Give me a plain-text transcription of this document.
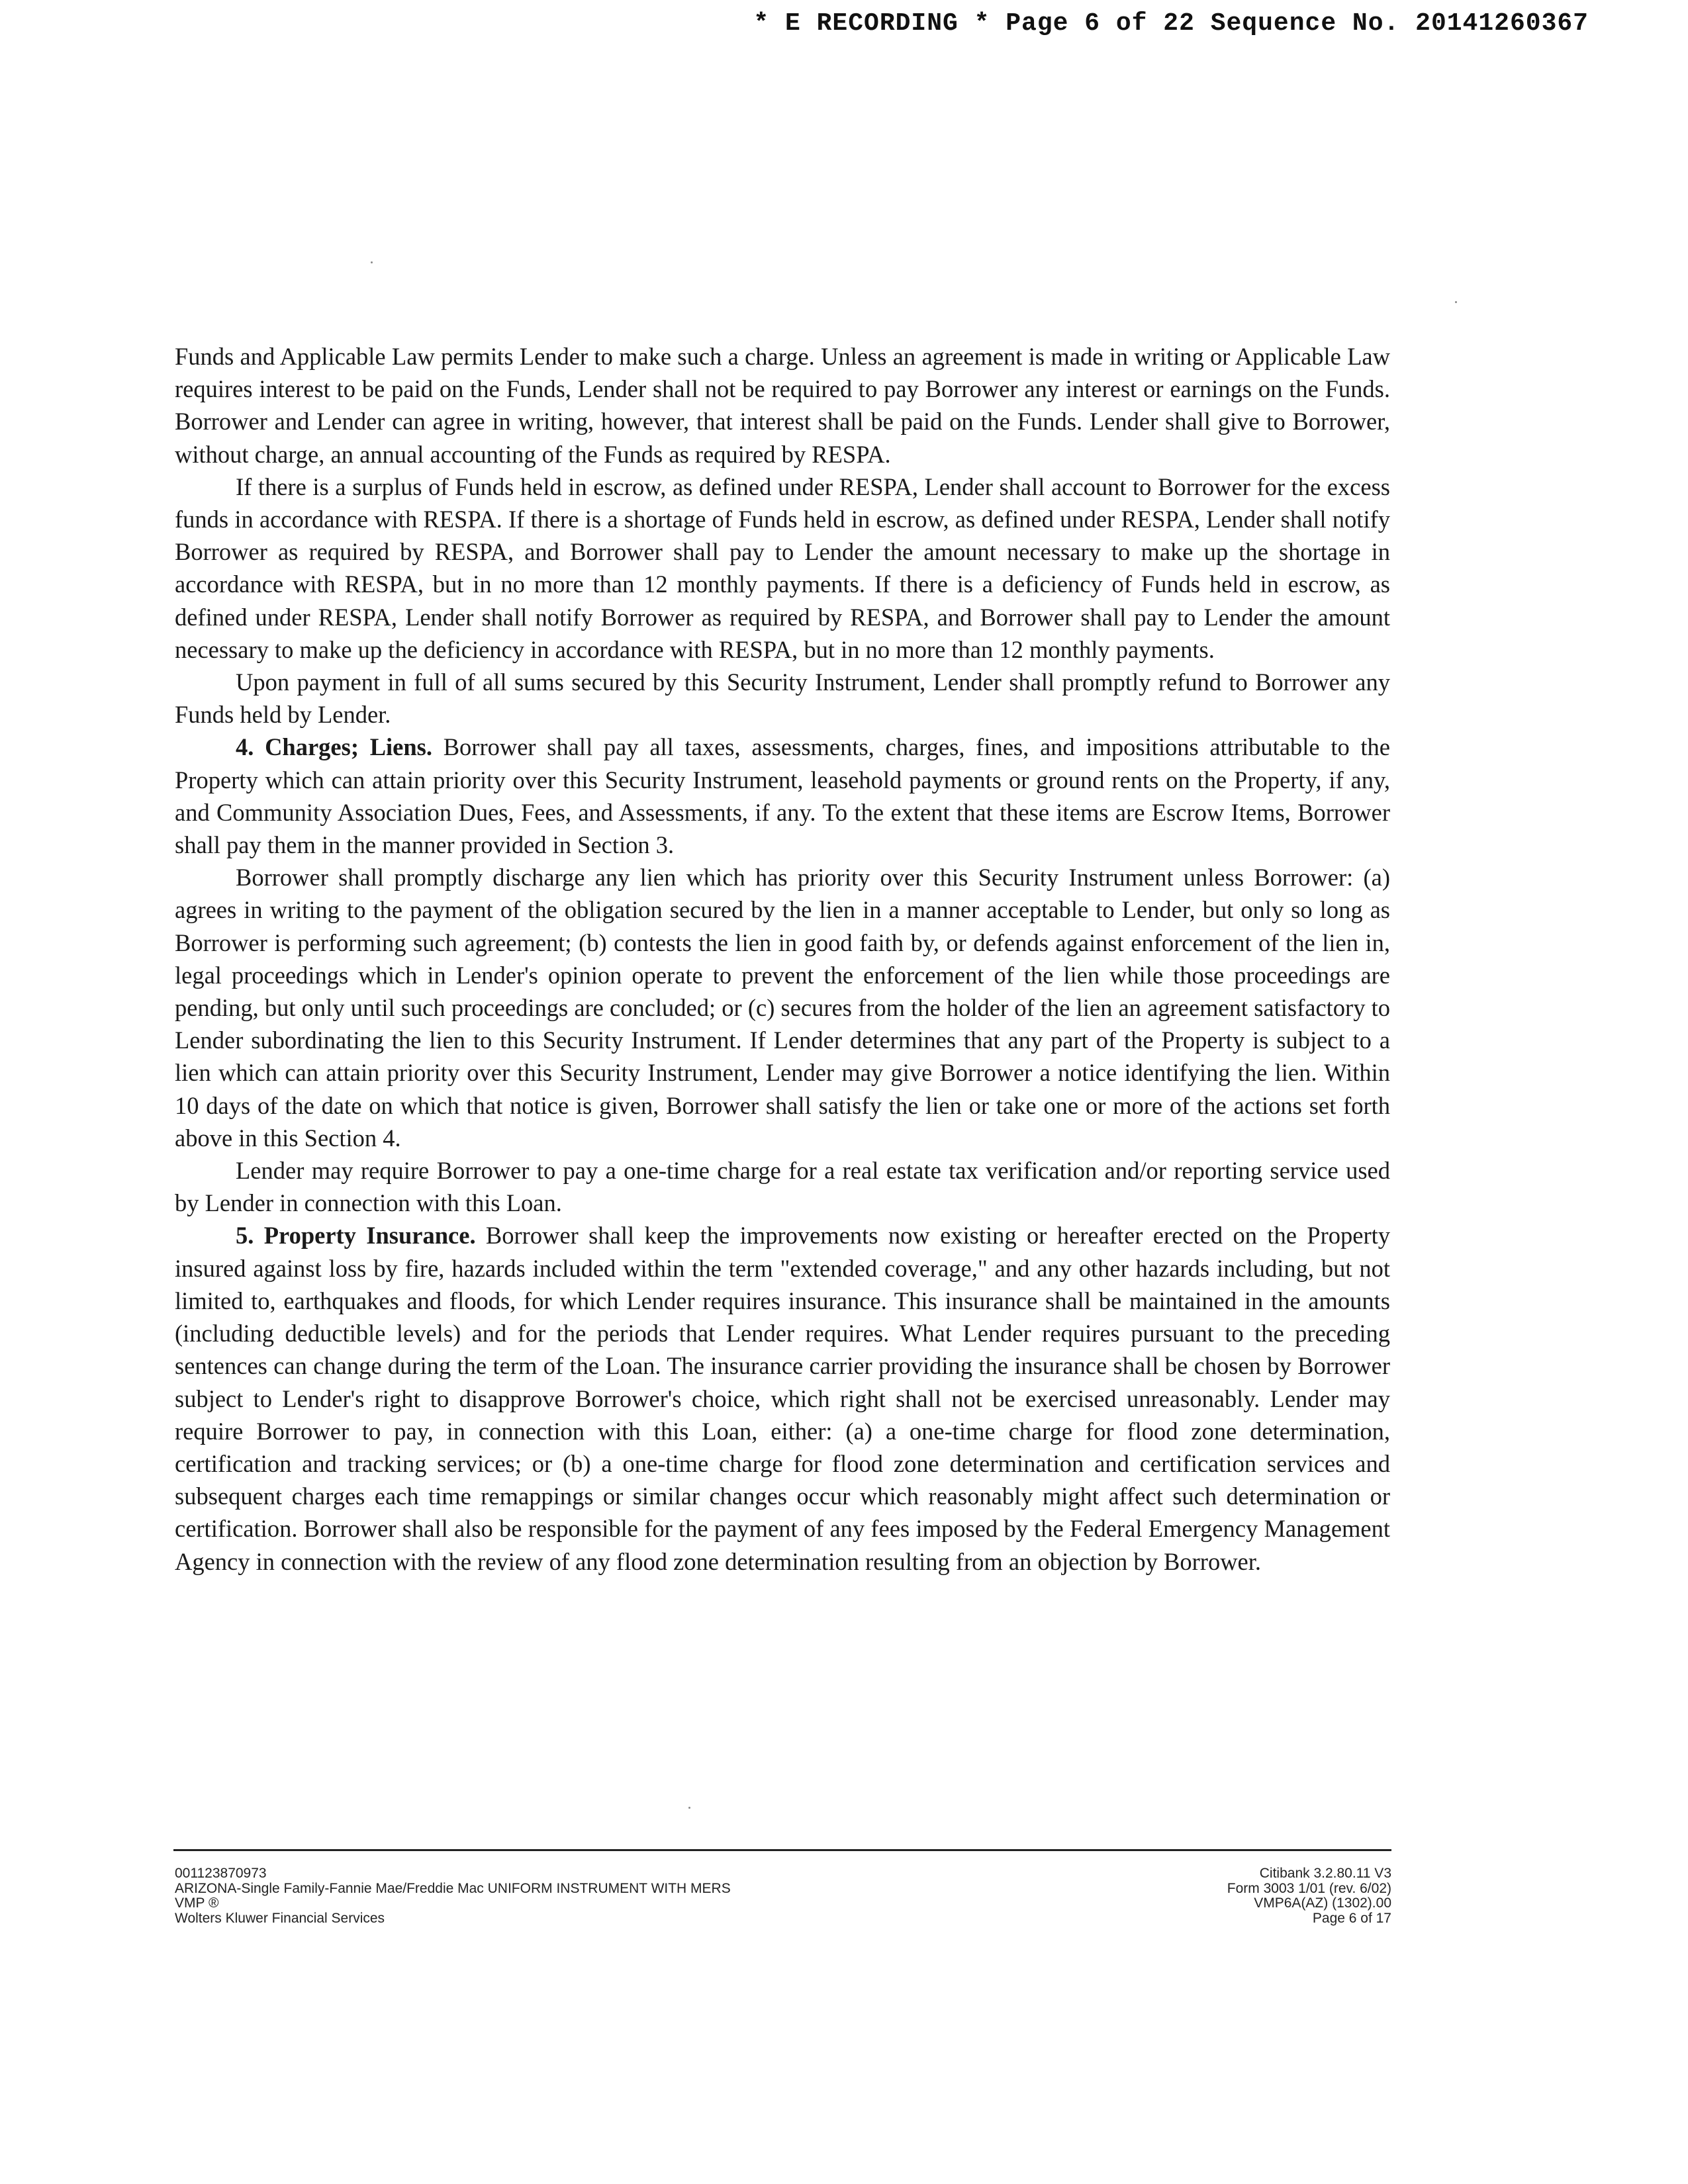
* E RECORDING * Page 6 of 22 Sequence No. 20141260367

Funds and Applicable Law permits Lender to make such a charge. Unless an agreement is made in writing or Applicable Law requires interest to be paid on the Funds, Lender shall not be required to pay Borrower any interest or earnings on the Funds. Borrower and Lender can agree in writing, however, that interest shall be paid on the Funds. Lender shall give to Borrower, without charge, an annual accounting of the Funds as required by RESPA.

If there is a surplus of Funds held in escrow, as defined under RESPA, Lender shall account to Borrower for the excess funds in accordance with RESPA. If there is a shortage of Funds held in escrow, as defined under RESPA, Lender shall notify Borrower as required by RESPA, and Borrower shall pay to Lender the amount necessary to make up the shortage in accordance with RESPA, but in no more than 12 monthly payments. If there is a deficiency of Funds held in escrow, as defined under RESPA, Lender shall notify Borrower as required by RESPA, and Borrower shall pay to Lender the amount necessary to make up the deficiency in accordance with RESPA, but in no more than 12 monthly payments.

Upon payment in full of all sums secured by this Security Instrument, Lender shall promptly refund to Borrower any Funds held by Lender.

4. Charges; Liens. Borrower shall pay all taxes, assessments, charges, fines, and impositions attributable to the Property which can attain priority over this Security Instrument, leasehold payments or ground rents on the Property, if any, and Community Association Dues, Fees, and Assessments, if any. To the extent that these items are Escrow Items, Borrower shall pay them in the manner provided in Section 3.

Borrower shall promptly discharge any lien which has priority over this Security Instrument unless Borrower: (a) agrees in writing to the payment of the obligation secured by the lien in a manner acceptable to Lender, but only so long as Borrower is performing such agreement; (b) contests the lien in good faith by, or defends against enforcement of the lien in, legal proceedings which in Lender's opinion operate to prevent the enforcement of the lien while those proceedings are pending, but only until such proceedings are concluded; or (c) secures from the holder of the lien an agreement satisfactory to Lender subordinating the lien to this Security Instrument. If Lender determines that any part of the Property is subject to a lien which can attain priority over this Security Instrument, Lender may give Borrower a notice identifying the lien. Within 10 days of the date on which that notice is given, Borrower shall satisfy the lien or take one or more of the actions set forth above in this Section 4.

Lender may require Borrower to pay a one-time charge for a real estate tax verification and/or reporting service used by Lender in connection with this Loan.

5. Property Insurance. Borrower shall keep the improvements now existing or hereafter erected on the Property insured against loss by fire, hazards included within the term "extended coverage," and any other hazards including, but not limited to, earthquakes and floods, for which Lender requires insurance. This insurance shall be maintained in the amounts (including deductible levels) and for the periods that Lender requires. What Lender requires pursuant to the preceding sentences can change during the term of the Loan. The insurance carrier providing the insurance shall be chosen by Borrower subject to Lender's right to disapprove Borrower's choice, which right shall not be exercised unreasonably. Lender may require Borrower to pay, in connection with this Loan, either: (a) a one-time charge for flood zone determination, certification and tracking services; or (b) a one-time charge for flood zone determination and certification services and subsequent charges each time remappings or similar changes occur which reasonably might affect such determination or certification. Borrower shall also be responsible for the payment of any fees imposed by the Federal Emergency Management Agency in connection with the review of any flood zone determination resulting from an objection by Borrower.

001123870973
ARIZONA-Single Family-Fannie Mae/Freddie Mac UNIFORM INSTRUMENT WITH MERS
VMP ®
Wolters Kluwer Financial Services
Citibank 3.2.80.11 V3
Form 3003 1/01 (rev. 6/02)
VMP6A(AZ) (1302).00
Page 6 of 17
